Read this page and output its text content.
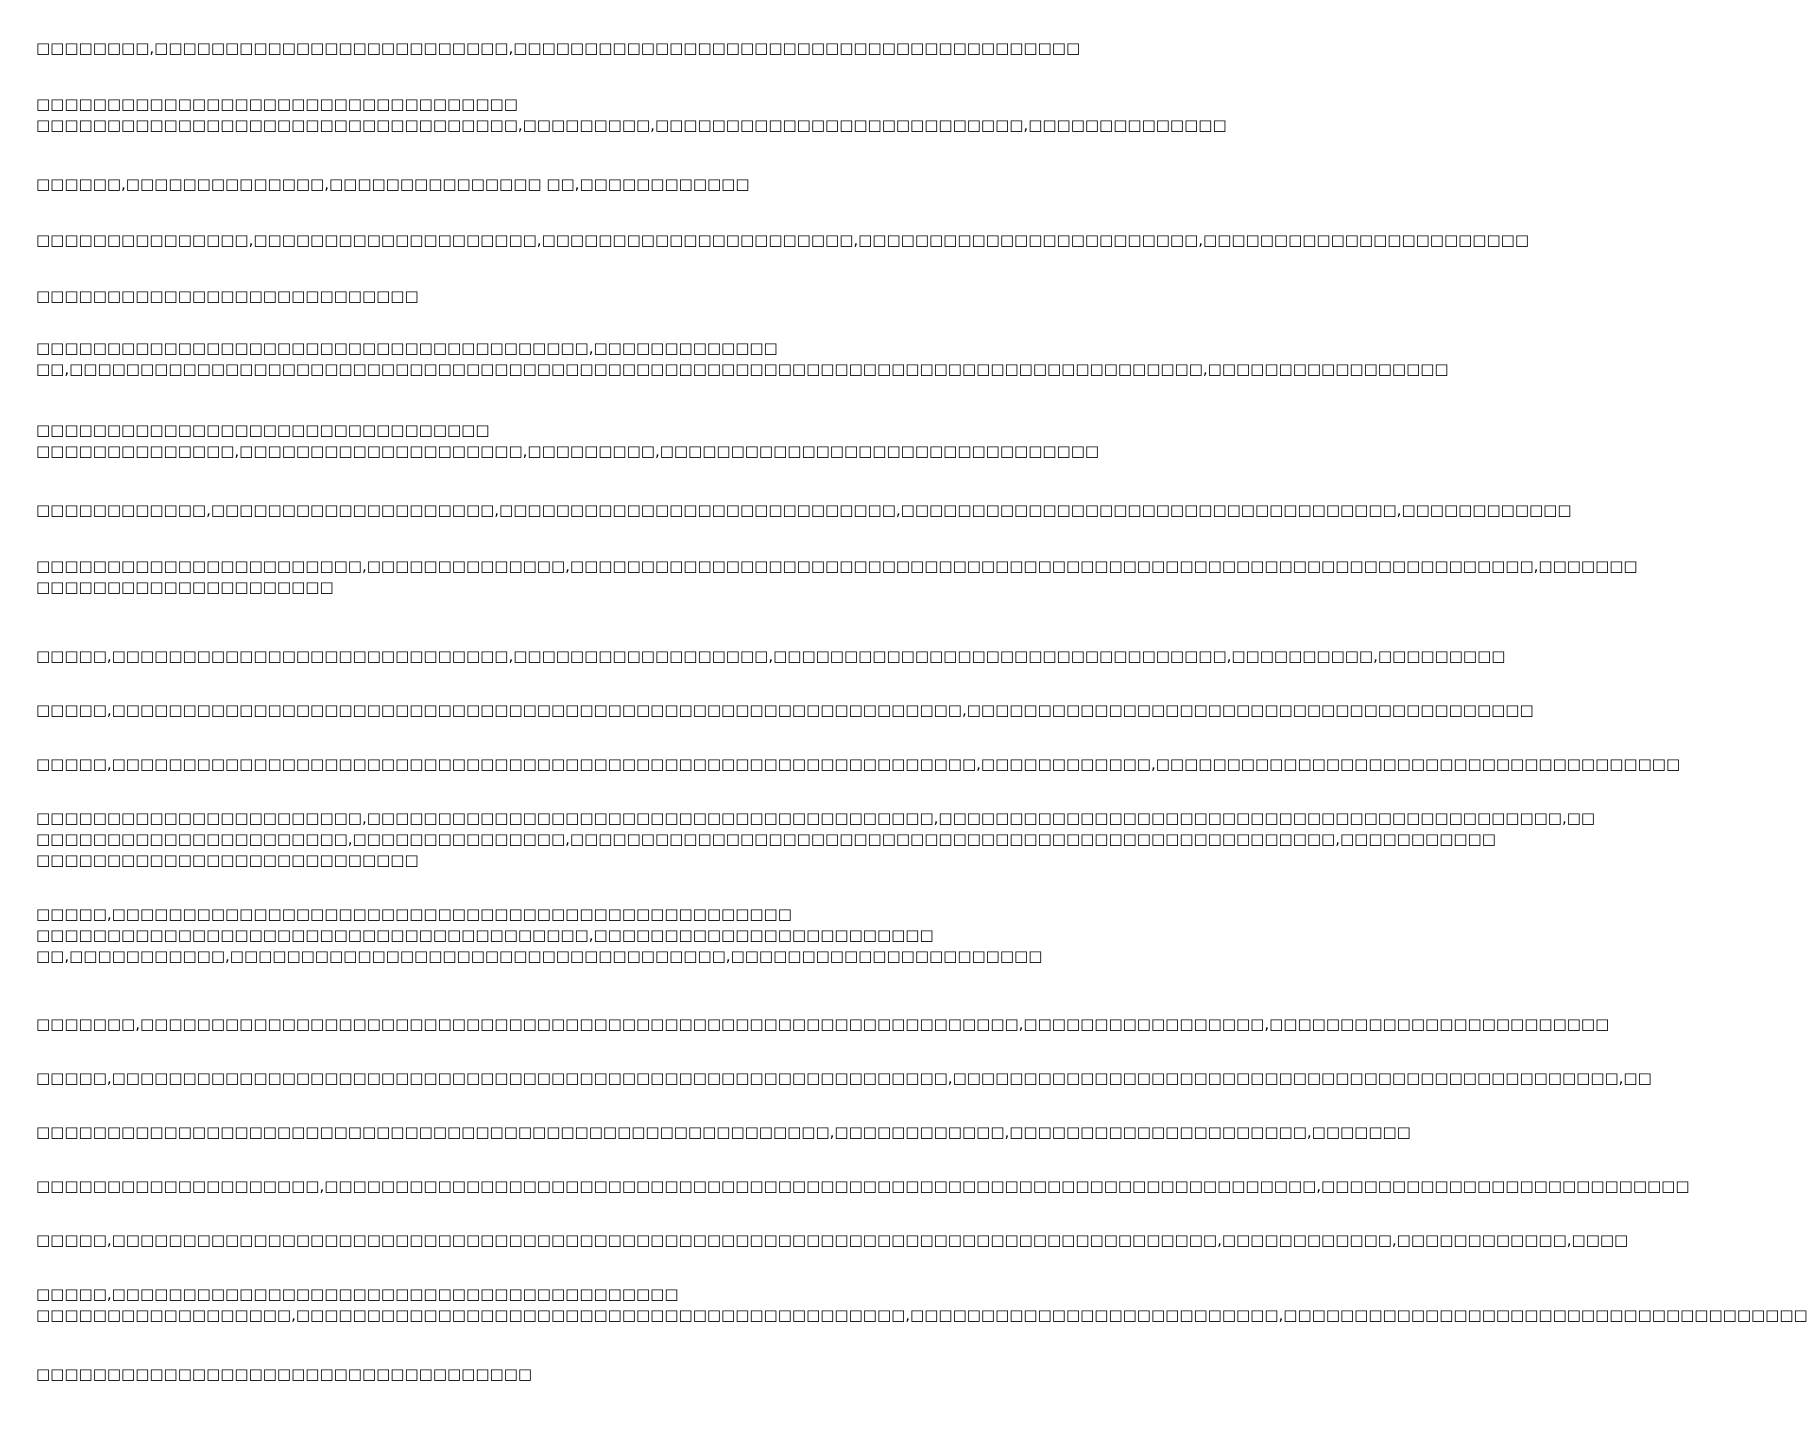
□□□□□□□□,□□□□□□□□□□□□□□□□□□□□□□□□□,□□□□□□□□□□□□□□□□□□□□□□□□□□□□□□□□□□□□□□□□
□□□□□□□□□□□□□□□□□□□□□□□□□□□□□□□□□□
□□□□□□□□□□□□□□□□□□□□□□□□□□□□□□□□□□,□□□□□□□□□,□□□□□□□□□□□□□□□□□□□□□□□□□□,□□□□□□□□□□□□□□
□□□□□□,□□□□□□□□□□□□□□,□□□□□□□□□□□□□□□ □□,□□□□□□□□□□□□
□□□□□□□□□□□□□□□,□□□□□□□□□□□□□□□□□□□□,□□□□□□□□□□□□□□□□□□□□□□,□□□□□□□□□□□□□□□□□□□□□□□□,□□□□□□□□□□□□□□□□□□□□□□□
□□□□□□□□□□□□□□□□□□□□□□□□□□□
□□□□□□□□□□□□□□□□□□□□□□□□□□□□□□□□□□□□□□□,□□□□□□□□□□□□□
□□,□□□□□□□□□□□□□□□□□□□□□□□□□□□□□□□□□□□□□□□□□□□□□□□□□□□□□□□□□□□□□□□□□□□□□□□□□□□□□□□□,□□□□□□□□□□□□□□□□□
□□□□□□□□□□□□□□□□□□□□□□□□□□□□□□□□
□□□□□□□□□□□□□□,□□□□□□□□□□□□□□□□□□□□,□□□□□□□□□,□□□□□□□□□□□□□□□□□□□□□□□□□□□□□□□
□□□□□□□□□□□□,□□□□□□□□□□□□□□□□□□□□,□□□□□□□□□□□□□□□□□□□□□□□□□□□□,□□□□□□□□□□□□□□□□□□□□□□□□□□□□□□□□□□□,□□□□□□□□□□□□
□□□□□□□□□□□□□□□□□□□□□□□,□□□□□□□□□□□□□□,□□□□□□□□□□□□□□□□□□□□□□□□□□□□□□□□□□□□□□□□□□□□□□□□□□□□□□□□□□□□□□□□□□□□,□□□□□□□
□□□□□□□□□□□□□□□□□□□□□
□□□□□,□□□□□□□□□□□□□□□□□□□□□□□□□□□□,□□□□□□□□□□□□□□□□□□,□□□□□□□□□□□□□□□□□□□□□□□□□□□□□□□□,□□□□□□□□□□,□□□□□□□□□
□□□□□,□□□□□□□□□□□□□□□□□□□□□□□□□□□□□□□□□□□□□□□□□□□□□□□□□□□□□□□□□□□□,□□□□□□□□□□□□□□□□□□□□□□□□□□□□□□□□□□□□□□□□
□□□□□,□□□□□□□□□□□□□□□□□□□□□□□□□□□□□□□□□□□□□□□□□□□□□□□□□□□□□□□□□□□□□,□□□□□□□□□□□□,□□□□□□□□□□□□□□□□□□□□□□□□□□□□□□□□□□□□□
□□□□□□□□□□□□□□□□□□□□□□□,□□□□□□□□□□□□□□□□□□□□□□□□□□□□□□□□□□□□□□□□,□□□□□□□□□□□□□□□□□□□□□□□□□□□□□□□□□□□□□□□□□□□□,□□
□□□□□□□□□□□□□□□□□□□□□□,□□□□□□□□□□□□□□□,□□□□□□□□□□□□□□□□□□□□□□□□□□□□□□□□□□□□□□□□□□□□□□□□□□□□□□,□□□□□□□□□□□
□□□□□□□□□□□□□□□□□□□□□□□□□□□
□□□□□,□□□□□□□□□□□□□□□□□□□□□□□□□□□□□□□□□□□□□□□□□□□□□□□□
□□□□□□□□□□□□□□□□□□□□□□□□□□□□□□□□□□□□□□□,□□□□□□□□□□□□□□□□□□□□□□□□
□□,□□□□□□□□□□□,□□□□□□□□□□□□□□□□□□□□□□□□□□□□□□□□□□□,□□□□□□□□□□□□□□□□□□□□□□
□□□□□□□,□□□□□□□□□□□□□□□□□□□□□□□□□□□□□□□□□□□□□□□□□□□□□□□□□□□□□□□□□□□□□□,□□□□□□□□□□□□□□□□□,□□□□□□□□□□□□□□□□□□□□□□□□
□□□□□,□□□□□□□□□□□□□□□□□□□□□□□□□□□□□□□□□□□□□□□□□□□□□□□□□□□□□□□□□□□,□□□□□□□□□□□□□□□□□□□□□□□□□□□□□□□□□□□□□□□□□□□□□□□,□□
□□□□□□□□□□□□□□□□□□□□□□□□□□□□□□□□□□□□□□□□□□□□□□□□□□□□□□□□,□□□□□□□□□□□□,□□□□□□□□□□□□□□□□□□□□□,□□□□□□□
□□□□□□□□□□□□□□□□□□□□,□□□□□□□□□□□□□□□□□□□□□□□□□□□□□□□□□□□□□□□□□□□□□□□□□□□□□□□□□□□□□□□□□□□□□□,□□□□□□□□□□□□□□□□□□□□□□□□□□
□□□□□,□□□□□□□□□□□□□□□□□□□□□□□□□□□□□□□□□□□□□□□□□□□□□□□□□□□□□□□□□□□□□□□□□□□□□□□□□□□□□□,□□□□□□□□□□□□,□□□□□□□□□□□□,□□□□
□□□□□,□□□□□□□□□□□□□□□□□□□□□□□□□□□□□□□□□□□□□□□□
□□□□□□□□□□□□□□□□□□,□□□□□□□□□□□□□□□□□□□□□□□□□□□□□□□□□□□□□□□□□□□,□□□□□□□□□□□□□□□□□□□□□□□□□□,□□□□□□□□□□□□□□□□□□□□□□□□□□□□□□□□□□□□□
□□□□□□□□□□□□□□□□□□□□□□□□□□□□□□□□□□□
